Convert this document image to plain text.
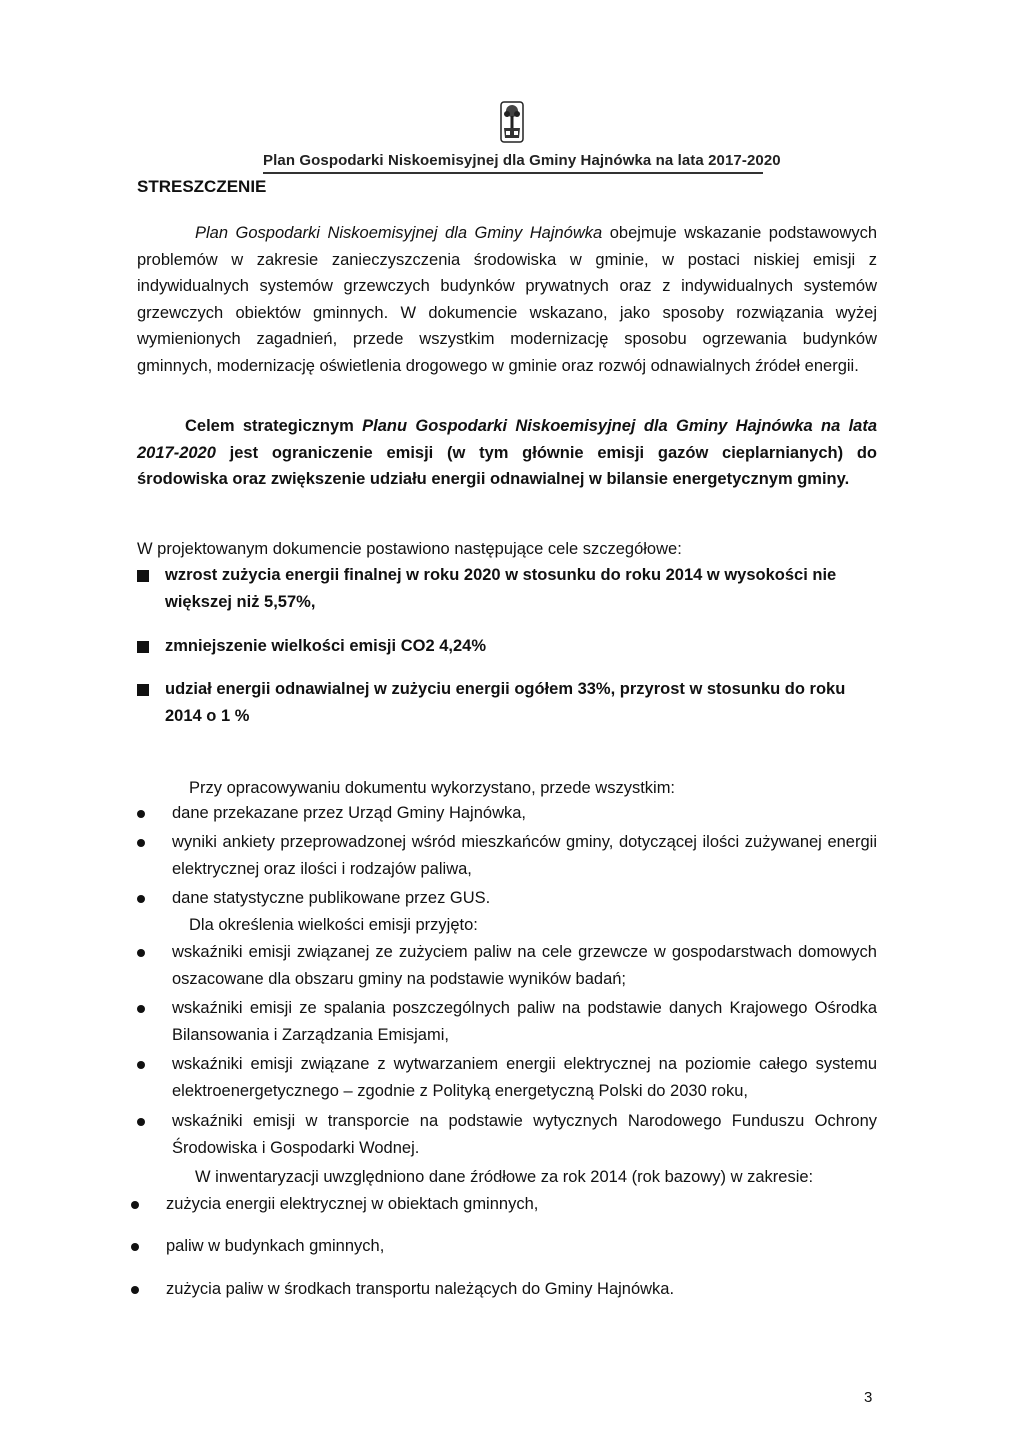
Plan Gospodarki Niskoemisyjnej dla Gminy Hajnówka na lata 2017-2020
STRESZCZENIE

Plan Gospodarki Niskoemisyjnej dla Gminy Hajnówka obejmuje wskazanie podstawowych problemów w zakresie zanieczyszczenia środowiska w gminie, w postaci niskiej emisji z indywidualnych systemów grzewczych budynków prywatnych oraz z indywidualnych systemów grzewczych obiektów gminnych. W dokumencie wskazano, jako sposoby rozwiązania wyżej wymienionych zagadnień, przede wszystkim modernizację sposobu ogrzewania budynków gminnych, modernizację oświetlenia drogowego w gminie oraz rozwój odnawialnych źródeł energii.

Celem strategicznym Planu Gospodarki Niskoemisyjnej dla Gminy Hajnówka na lata 2017-2020 jest ograniczenie emisji (w tym głównie emisji gazów cieplarnianych) do środowiska oraz zwiększenie udziału energii odnawialnej w bilansie energetycznym gminy.

W projektowanym dokumencie postawiono następujące cele szczegółowe:

wzrost zużycia energii finalnej w roku 2020 w stosunku do roku 2014 w wysokości nie większej niż 5,57%,
zmniejszenie wielkości emisji CO2 4,24%
udział energii odnawialnej w zużyciu energii ogółem 33%, przyrost w stosunku do roku 2014 o 1 %

Przy opracowywaniu dokumentu wykorzystano, przede wszystkim:

dane przekazane przez Urząd Gminy Hajnówka,
wyniki ankiety przeprowadzonej wśród mieszkańców gminy, dotyczącej ilości zużywanej energii elektrycznej oraz ilości i rodzajów paliwa,
dane statystyczne publikowane przez GUS.

Dla określenia wielkości emisji przyjęto:

wskaźniki emisji związanej ze zużyciem paliw na cele grzewcze w gospodarstwach domowych oszacowane dla obszaru gminy na podstawie wyników badań;
wskaźniki emisji ze spalania poszczególnych paliw na podstawie danych Krajowego Ośrodka Bilansowania i Zarządzania Emisjami,
wskaźniki emisji związane z wytwarzaniem energii elektrycznej na poziomie całego systemu elektroenergetycznego – zgodnie z Polityką energetyczną Polski do 2030 roku,
wskaźniki emisji w transporcie na podstawie wytycznych Narodowego Funduszu Ochrony Środowiska i Gospodarki Wodnej.

W inwentaryzacji uwzględniono dane źródłowe za rok 2014 (rok bazowy) w zakresie:

zużycia energii elektrycznej w obiektach gminnych,
paliw w budynkach gminnych,
zużycia paliw w środkach transportu należących do Gminy Hajnówka.
3
